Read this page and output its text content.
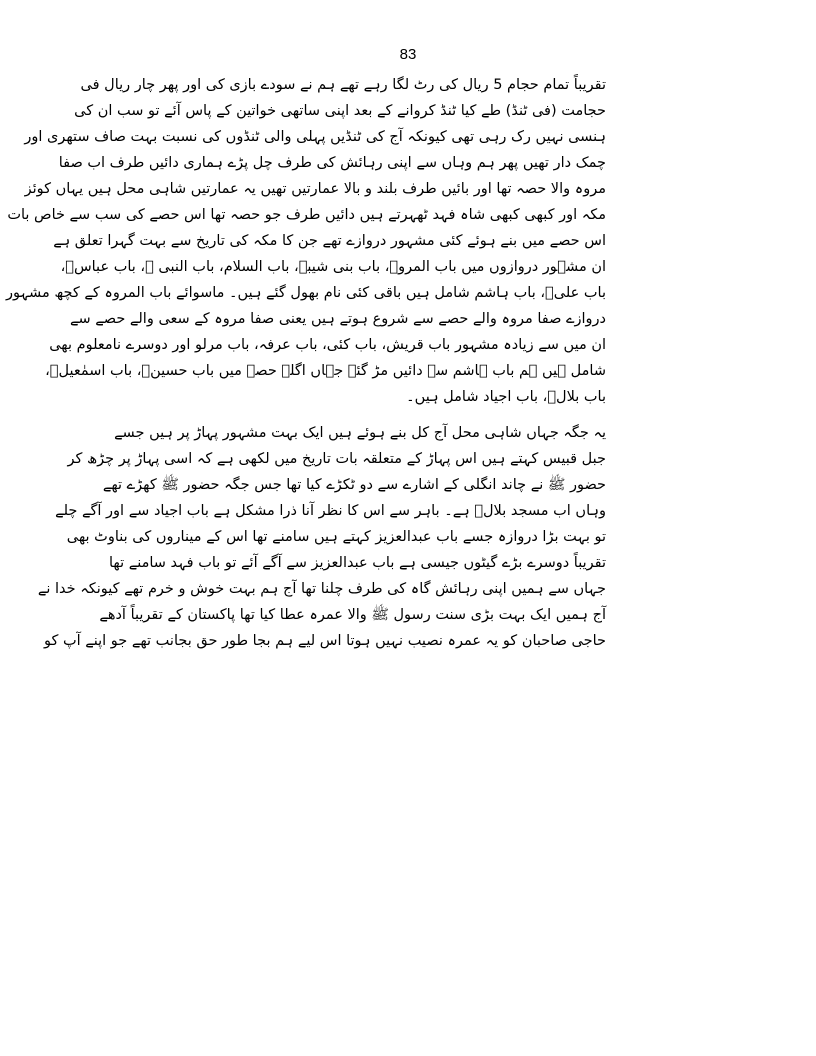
83

تقریباً تمام حجام 5 ریال کی رٹ لگا رہے تھے ہم نے سودے بازی کی اور پھر چار ریال فی
حجامت (فی ٹنڈ) طے کیا ٹنڈ کروانے کے بعد اپنی ساتھی خواتین کے پاس آئے تو سب ان کی
ہنسی نہیں رک رہی تھی کیونکہ آج کی ٹنڈیں پہلی والی ٹنڈوں کی نسبت بہت صاف ستھری اور
چمک دار تھیں پھر ہم وہاں سے اپنی رہائش کی طرف چل پڑے ہماری دائیں طرف اب صفا
مروہ والا حصہ تھا اور بائیں طرف بلند و بالا عمارتیں تھیں یہ عمارتیں شاہی محل ہیں یہاں کوئز
مکہ اور کبھی کبھی شاہ فہد ٹھہرتے ہیں دائیں طرف جو حصہ تھا اس حصے کی سب سے خاص بات
اس حصے میں بنے ہوئے کئی مشہور دروازے تھے جن کا مکہ کی تاریخ سے بہت گہرا تعلق ہے
ان مشہور دروازوں میں باب المروہ، باب بنی شیبہ، باب السلام، باب النبی ﷺ، باب عباسؓ،
باب علیؓ، باب ہاشم شامل ہیں باقی کئی نام بھول گئے ہیں۔ ماسوائے باب المروہ کے کچھ مشہور
دروازے صفا مروہ والے حصے سے شروع ہوتے ہیں یعنی صفا مروہ کے سعی والے حصے سے
ان میں سے زیادہ مشہور باب قریش، باب کئی، باب عرفہ، باب مرلو اور دوسرے نامعلوم بھی
شامل ہیں ہم باب ہاشم سے دائیں مڑ گئے جہاں اگلے حصے میں باب حسینؓ، باب اسمٰعیلؑ،
باب بلالؓ، باب اجیاد شامل ہیں۔

یہ جگہ جہاں شاہی محل آج کل بنے ہوئے ہیں ایک بہت مشہور پہاڑ پر ہیں جسے
جبل قبیس کہتے ہیں اس پہاڑ کے متعلقہ بات تاریخ میں لکھی ہے کہ اسی پہاڑ پر چڑھ کر
حضور ﷺ نے چاند انگلی کے اشارے سے دو ٹکڑے کیا تھا جس جگہ حضور ﷺ کھڑے تھے
وہاں اب مسجد بلالؓ ہے۔ باہر سے اس کا نظر آنا ذرا مشکل ہے باب اجیاد سے اور آگے چلے
تو بہت بڑا دروازہ جسے باب عبدالعزیز کہتے ہیں سامنے تھا اس کے میناروں کی بناوٹ بھی
تقریباً دوسرے بڑے گیٹوں جیسی ہے باب عبدالعزیز سے آگے آئے تو باب فہد سامنے تھا
جہاں سے ہمیں اپنی رہائش گاہ کی طرف چلنا تھا آج ہم بہت خوش و خرم تھے کیونکہ خدا نے
آج ہمیں ایک بہت بڑی سنت رسول ﷺ والا عمرہ عطا کیا تھا پاکستان کے تقریباً آدھے
حاجی صاحبان کو یہ عمرہ نصیب نہیں ہوتا اس لیے ہم بجا طور حق بجانب تھے جو اپنے آپ کو
